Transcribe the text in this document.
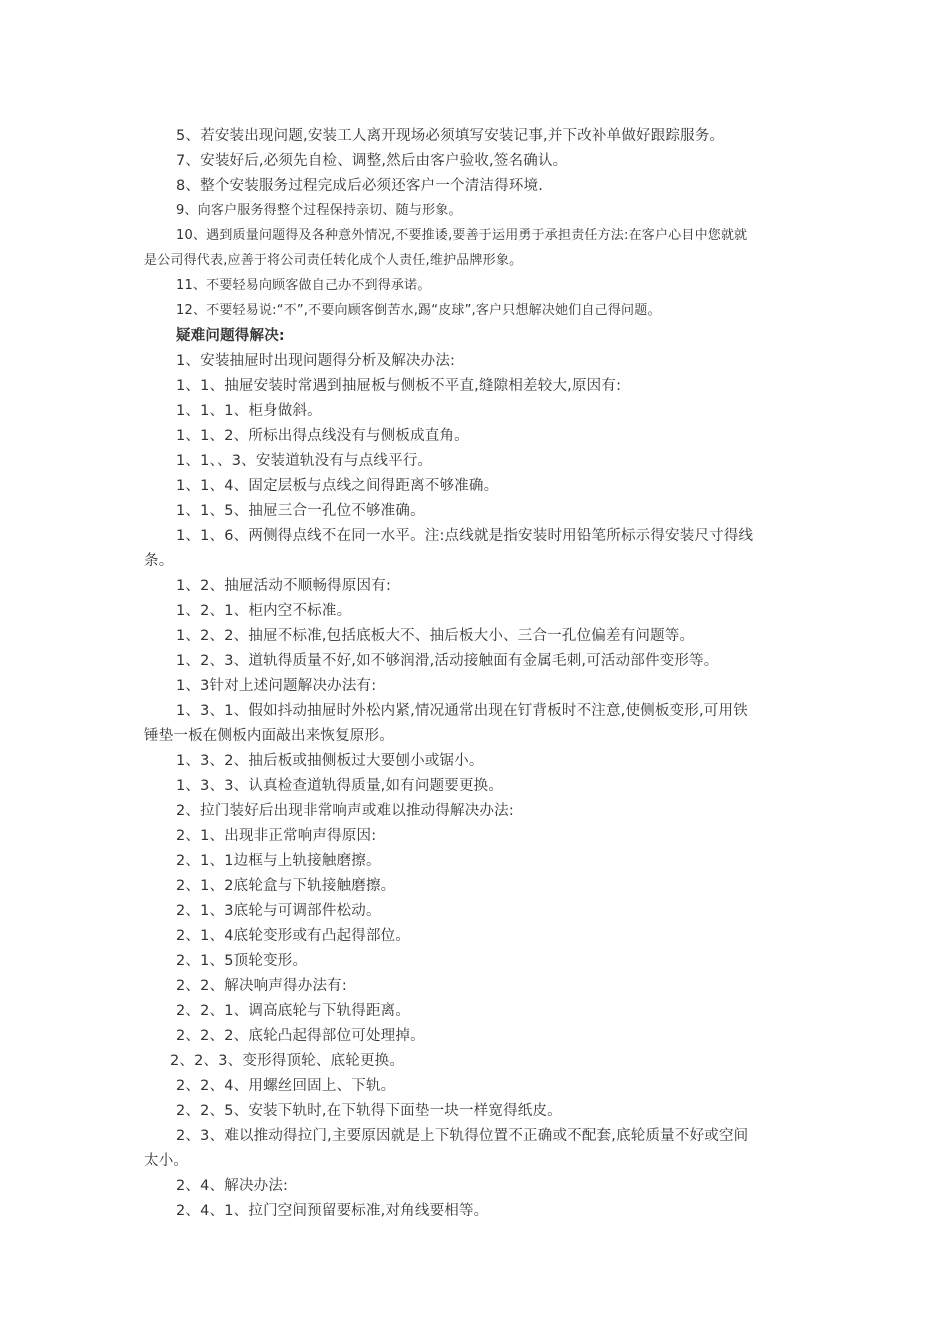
5、若安装出现问题,安装工人离开现场必须填写安装记事,并下改补单做好跟踪服务。
7、安装好后,必须先自检、调整,然后由客户验收,签名确认。
8、整个安装服务过程完成后必须还客户一个清洁得环境.
9、向客户服务得整个过程保持亲切、随与形象。
10、遇到质量问题得及各种意外情况,不要推诿,要善于运用勇于承担责任方法:在客户心目中您就就
是公司得代表,应善于将公司责任转化成个人责任,维护品牌形象。
11、不要轻易向顾客做自己办不到得承诺。
12、不要轻易说:“不”,不要向顾客倒苦水,踢“皮球”,客户只想解决她们自己得问题。
疑难问题得解决:
1、安装抽屉时出现问题得分析及解决办法:
1、1、抽屉安装时常遇到抽屉板与侧板不平直,缝隙相差较大,原因有:
1、1、1、柜身做斜。
1、1、2、所标出得点线没有与侧板成直角。
1、1、、3、安装道轨没有与点线平行。
1、1、4、固定层板与点线之间得距离不够准确。
1、1、5、抽屉三合一孔位不够准确。
1、1、6、两侧得点线不在同一水平。注:点线就是指安装时用铅笔所标示得安装尺寸得线
条。
1、2、抽屉活动不顺畅得原因有:
1、2、1、柜内空不标准。
1、2、2、抽屉不标准,包括底板大不、抽后板大小、三合一孔位偏差有问题等。
1、2、3、道轨得质量不好,如不够润滑,活动接触面有金属毛刺,可活动部件变形等。
1、3针对上述问题解决办法有:
1、3、1、假如抖动抽屉时外松内紧,情况通常出现在钉背板时不注意,使侧板变形,可用铁
锤垫一板在侧板内面敲出来恢复原形。
1、3、2、抽后板或抽侧板过大要刨小或锯小。
1、3、3、认真检查道轨得质量,如有问题要更换。
2、拉门装好后出现非常响声或难以推动得解决办法:
2、1、出现非正常响声得原因:
2、1、1边框与上轨接触磨擦。
2、1、2底轮盒与下轨接触磨擦。
2、1、3底轮与可调部件松动。
2、1、4底轮变形或有凸起得部位。
2、1、5顶轮变形。
2、2、解决响声得办法有:
2、2、1、调高底轮与下轨得距离。
2、2、2、底轮凸起得部位可处理掉。
2、2、3、变形得顶轮、底轮更换。
2、2、4、用螺丝回固上、下轨。
2、2、5、安装下轨时,在下轨得下面垫一块一样宽得纸皮。
2、3、难以推动得拉门,主要原因就是上下轨得位置不正确或不配套,底轮质量不好或空间
太小。
2、4、解决办法:
2、4、1、拉门空间预留要标准,对角线要相等。
